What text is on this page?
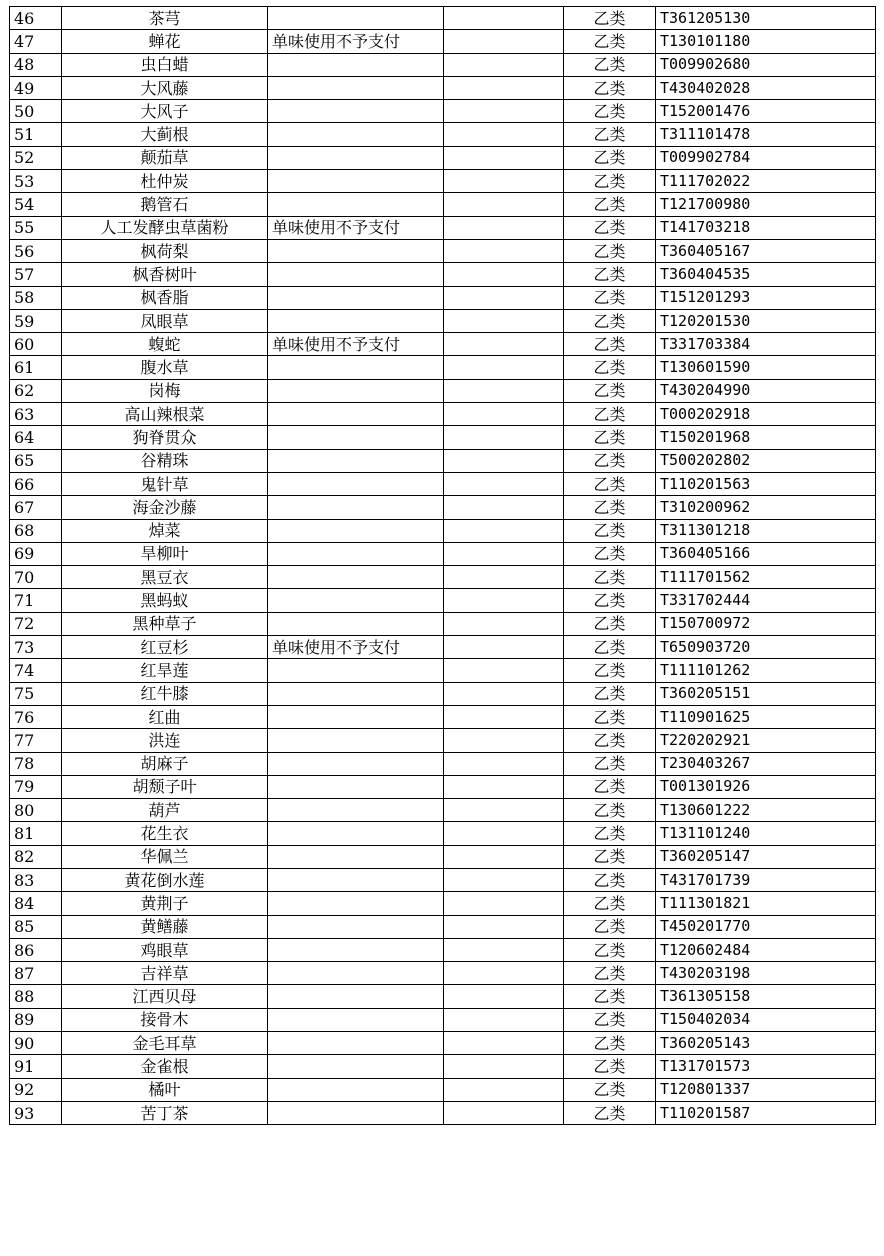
46	茶芎			乙类	T361205130
47	蝉花	单味使用不予支付		乙类	T130101180
48	虫白蜡			乙类	T009902680
49	大风藤			乙类	T430402028
50	大风子			乙类	T152001476
51	大蓟根			乙类	T311101478
52	颠茄草			乙类	T009902784
53	杜仲炭			乙类	T111702022
54	鹅管石			乙类	T121700980
55	人工发酵虫草菌粉	单味使用不予支付		乙类	T141703218
56	枫荷梨			乙类	T360405167
57	枫香树叶			乙类	T360404535
58	枫香脂			乙类	T151201293
59	凤眼草			乙类	T120201530
60	蝮蛇	单味使用不予支付		乙类	T331703384
61	腹水草			乙类	T130601590
62	岗梅			乙类	T430204990
63	高山辣根菜			乙类	T000202918
64	狗脊贯众			乙类	T150201968
65	谷精珠			乙类	T500202802
66	鬼针草			乙类	T110201563
67	海金沙藤			乙类	T310200962
68	焯菜			乙类	T311301218
69	旱柳叶			乙类	T360405166
70	黑豆衣			乙类	T111701562
71	黑蚂蚁			乙类	T331702444
72	黑种草子			乙类	T150700972
73	红豆杉	单味使用不予支付		乙类	T650903720
74	红旱莲			乙类	T111101262
75	红牛膝			乙类	T360205151
76	红曲			乙类	T110901625
77	洪连			乙类	T220202921
78	胡麻子			乙类	T230403267
79	胡颓子叶			乙类	T001301926
80	葫芦			乙类	T130601222
81	花生衣			乙类	T131101240
82	华佩兰			乙类	T360205147
83	黄花倒水莲			乙类	T431701739
84	黄荆子			乙类	T111301821
85	黄鳝藤			乙类	T450201770
86	鸡眼草			乙类	T120602484
87	吉祥草			乙类	T430203198
88	江西贝母			乙类	T361305158
89	接骨木			乙类	T150402034
90	金毛耳草			乙类	T360205143
91	金雀根			乙类	T131701573
92	橘叶			乙类	T120801337
93	苦丁茶			乙类	T110201587
